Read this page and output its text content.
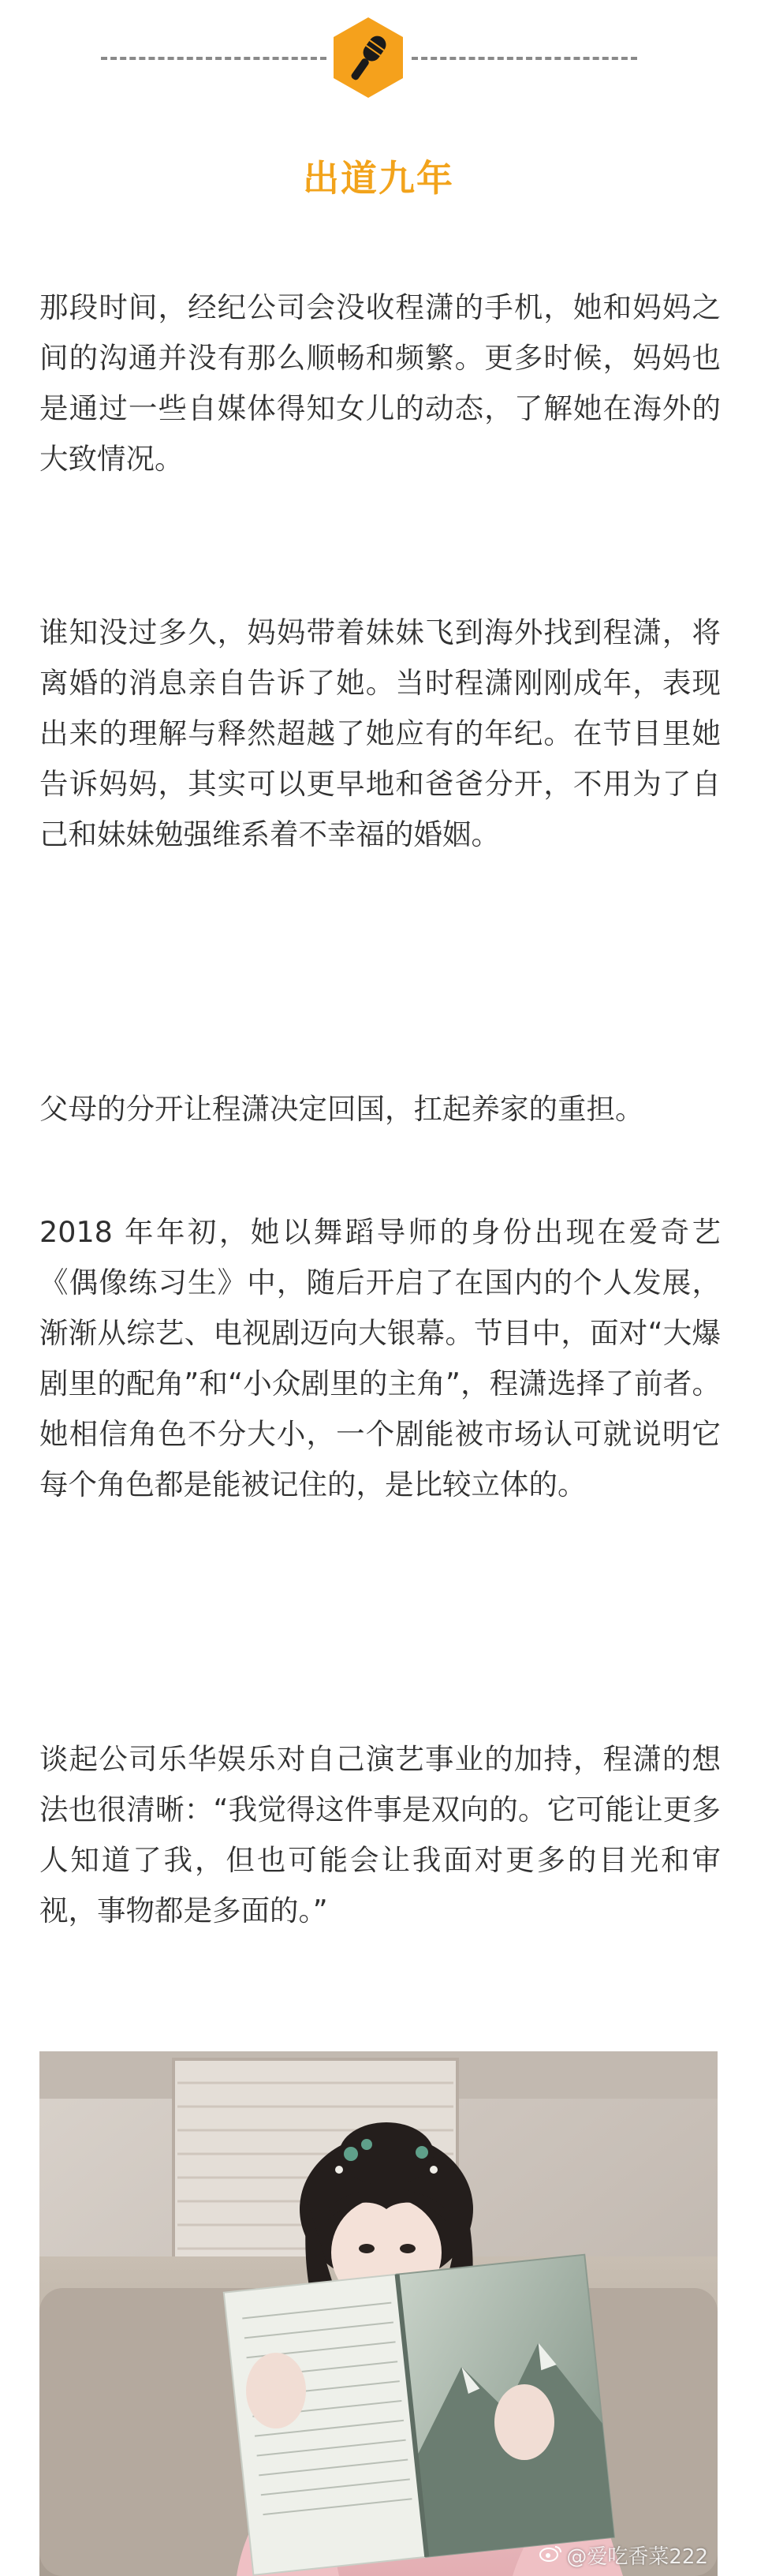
出道九年

那段时间，经纪公司会没收程潇的手机，她和妈妈之间的沟通并没有那么顺畅和频繁。更多时候，妈妈也是通过一些自媒体得知女儿的动态，了解她在海外的大致情况。

谁知没过多久，妈妈带着妹妹飞到海外找到程潇，将离婚的消息亲自告诉了她。当时程潇刚刚成年，表现出来的理解与释然超越了她应有的年纪。在节目里她告诉妈妈，其实可以更早地和爸爸分开，不用为了自己和妹妹勉强维系着不幸福的婚姻。

父母的分开让程潇决定回国，扛起养家的重担。

2018 年年初，她以舞蹈导师的身份出现在爱奇艺《偶像练习生》中，随后开启了在国内的个人发展，渐渐从综艺、电视剧迈向大银幕。节目中，面对“大爆剧里的配角”和“小众剧里的主角”，程潇选择了前者。她相信角色不分大小，一个剧能被市场认可就说明它每个角色都是能被记住的，是比较立体的。

谈起公司乐华娱乐对自己演艺事业的加持，程潇的想法也很清晰：“我觉得这件事是双向的。它可能让更多人知道了我，但也可能会让我面对更多的目光和审视，事物都是多面的。”

@爱吃香菜222
